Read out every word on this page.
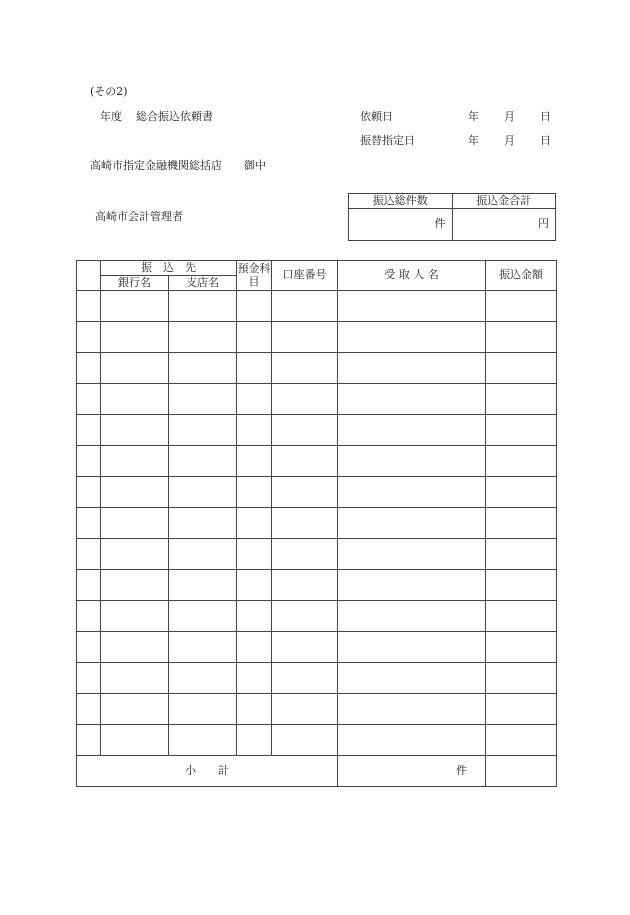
(その2)
年度 総合振込依頼書	依頼日	年 月 日
振替指定日	年 月 日
高崎市指定金融機関総括店 御中
高崎市会計管理者
振込総件数	振込金合計
件	円
	振　込　先		預金科目	口座番号	受 取 人 名	振込金額
	銀行名	支店名				

小　　計					件	
